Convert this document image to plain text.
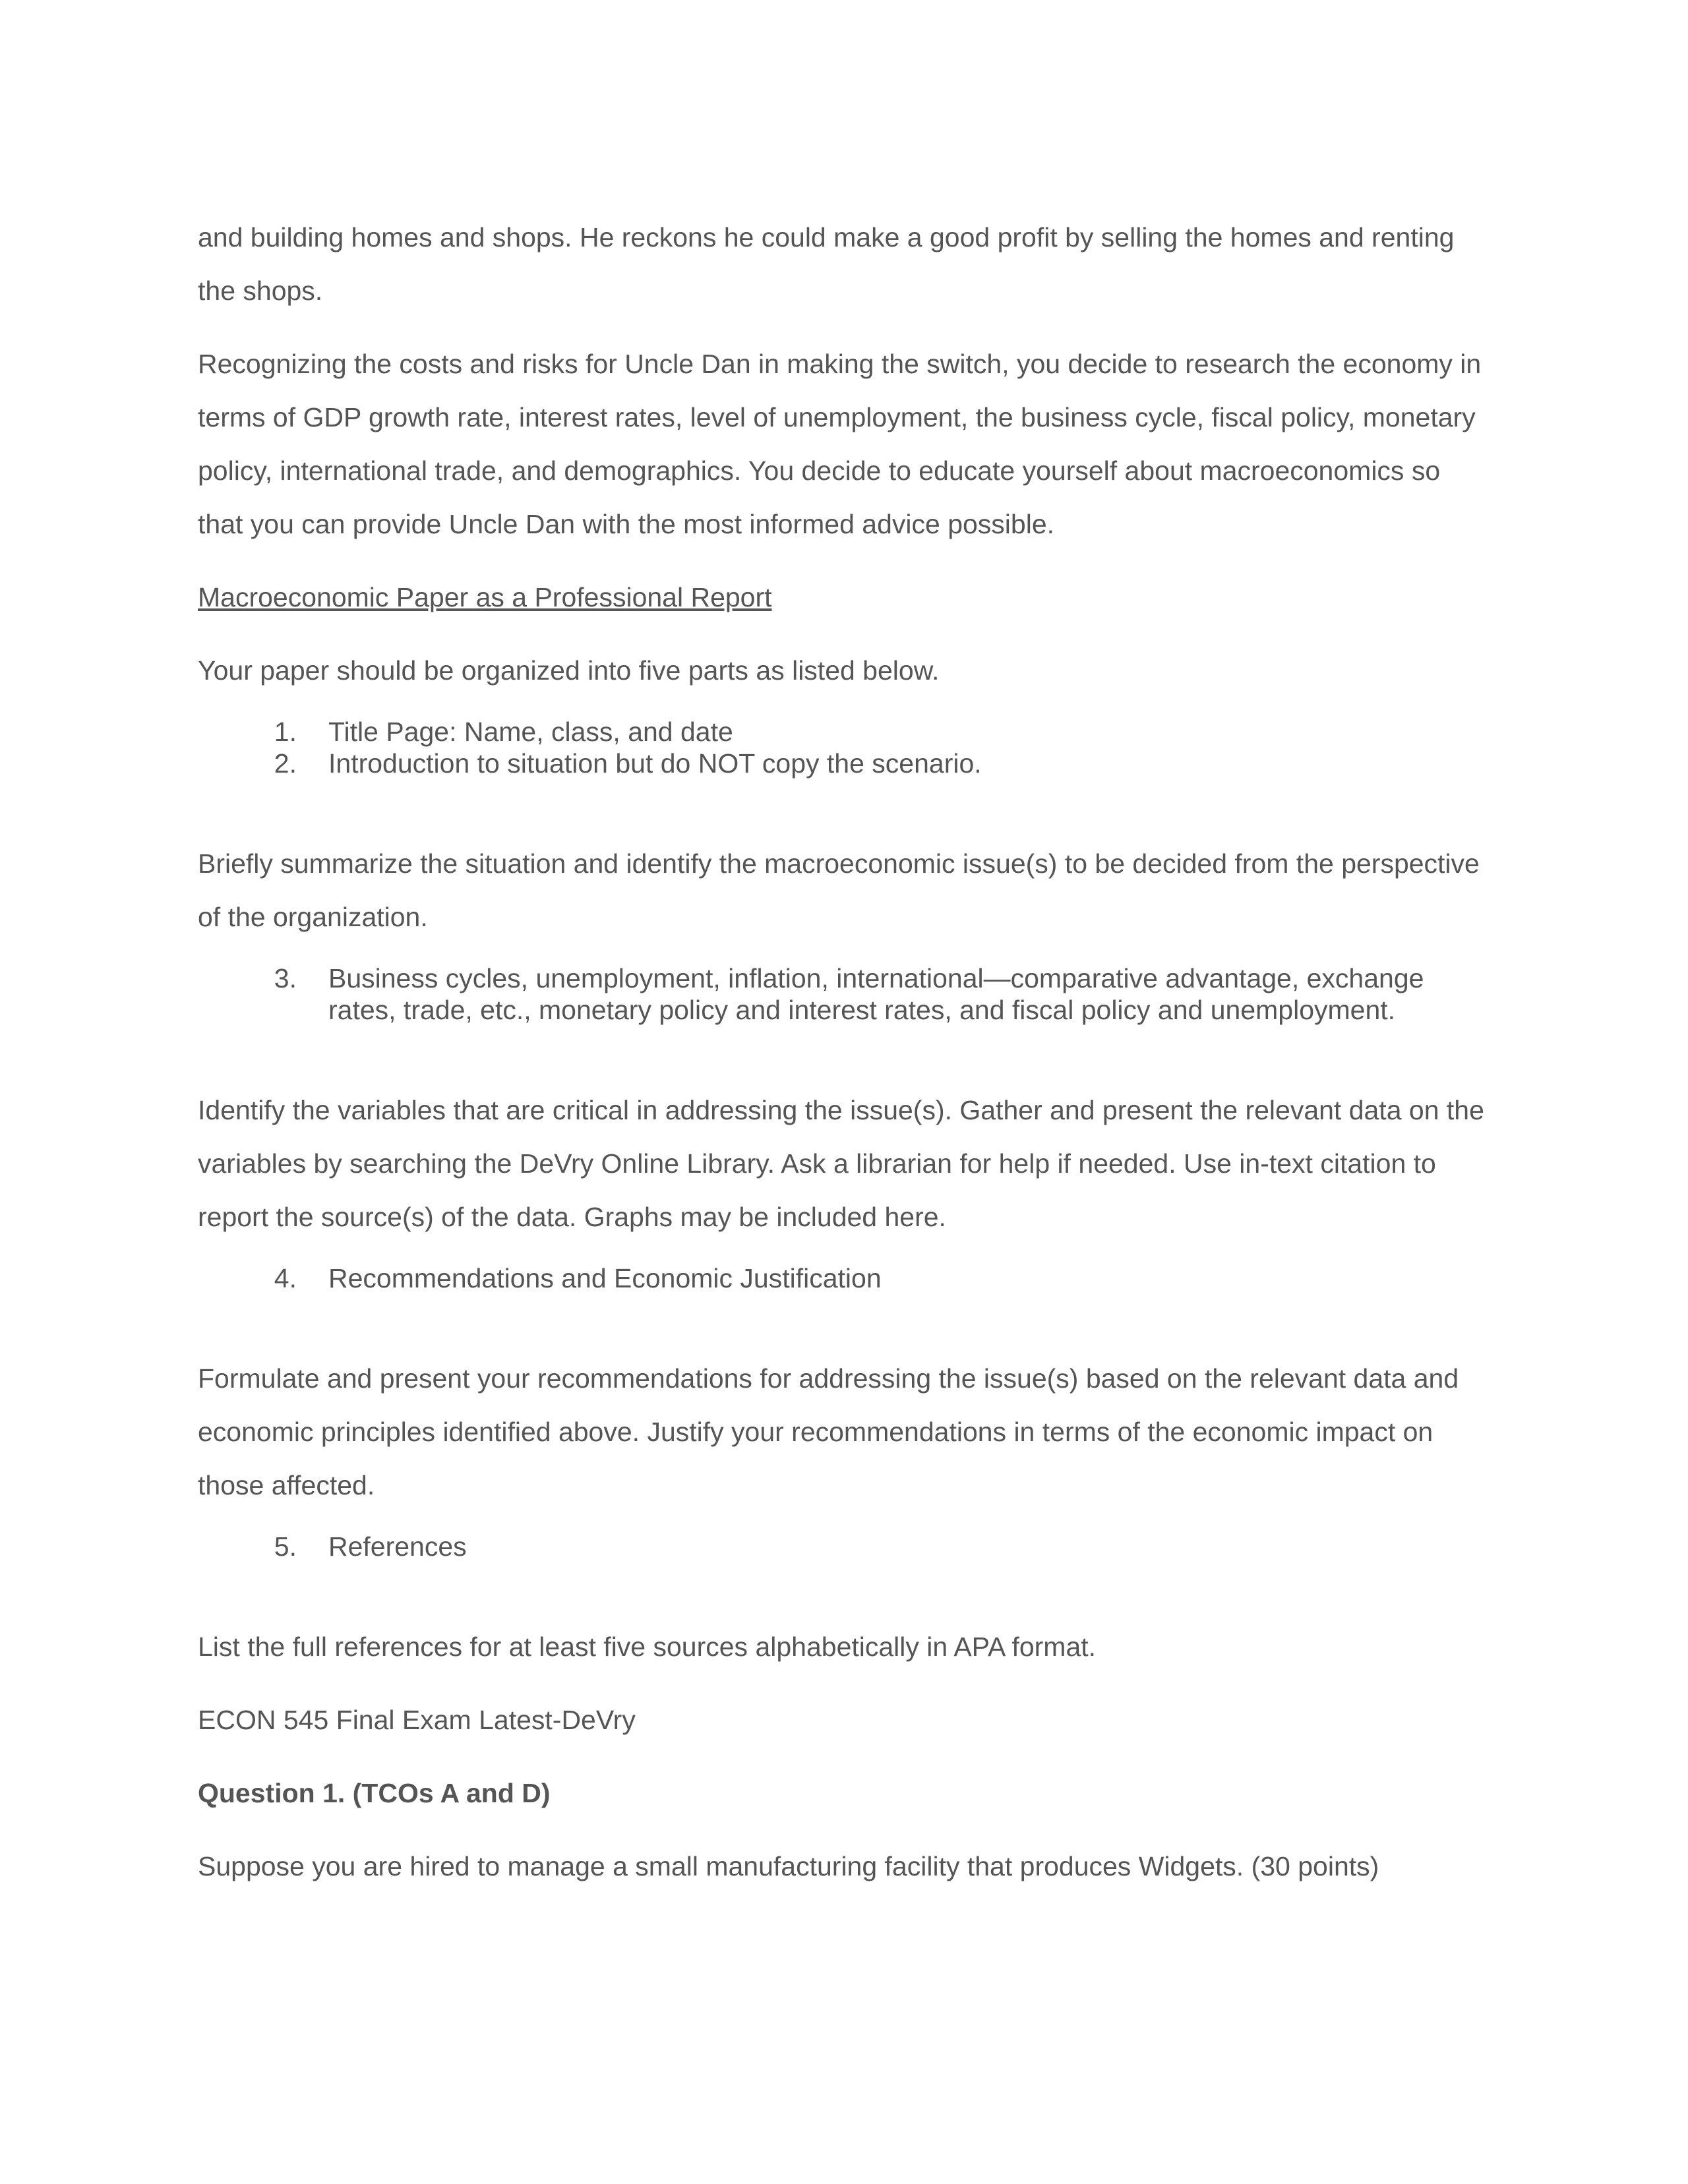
and building homes and shops. He reckons he could make a good profit by selling the homes and renting the shops.

Recognizing the costs and risks for Uncle Dan in making the switch, you decide to research the economy in terms of GDP growth rate, interest rates, level of unemployment, the business cycle, fiscal policy, monetary policy, international trade, and demographics. You decide to educate yourself about macroeconomics so that you can provide Uncle Dan with the most informed advice possible.

Macroeconomic Paper as a Professional Report

Your paper should be organized into five parts as listed below.

1.	Title Page: Name, class, and date
2.	Introduction to situation but do NOT copy the scenario.

Briefly summarize the situation and identify the macroeconomic issue(s) to be decided from the perspective of the organization.

3.	Business cycles, unemployment, inflation, international—comparative advantage, exchange rates, trade, etc., monetary policy and interest rates, and fiscal policy and unemployment.

Identify the variables that are critical in addressing the issue(s). Gather and present the relevant data on the variables by searching the DeVry Online Library. Ask a librarian for help if needed. Use in-text citation to report the source(s) of the data. Graphs may be included here.

4.	Recommendations and Economic Justification

Formulate and present your recommendations for addressing the issue(s) based on the relevant data and economic principles identified above. Justify your recommendations in terms of the economic impact on those affected.

5.	References

List the full references for at least five sources alphabetically in APA format.

ECON 545 Final Exam Latest-DeVry

Question 1. (TCOs A and D)

Suppose you are hired to manage a small manufacturing facility that produces Widgets. (30 points)
